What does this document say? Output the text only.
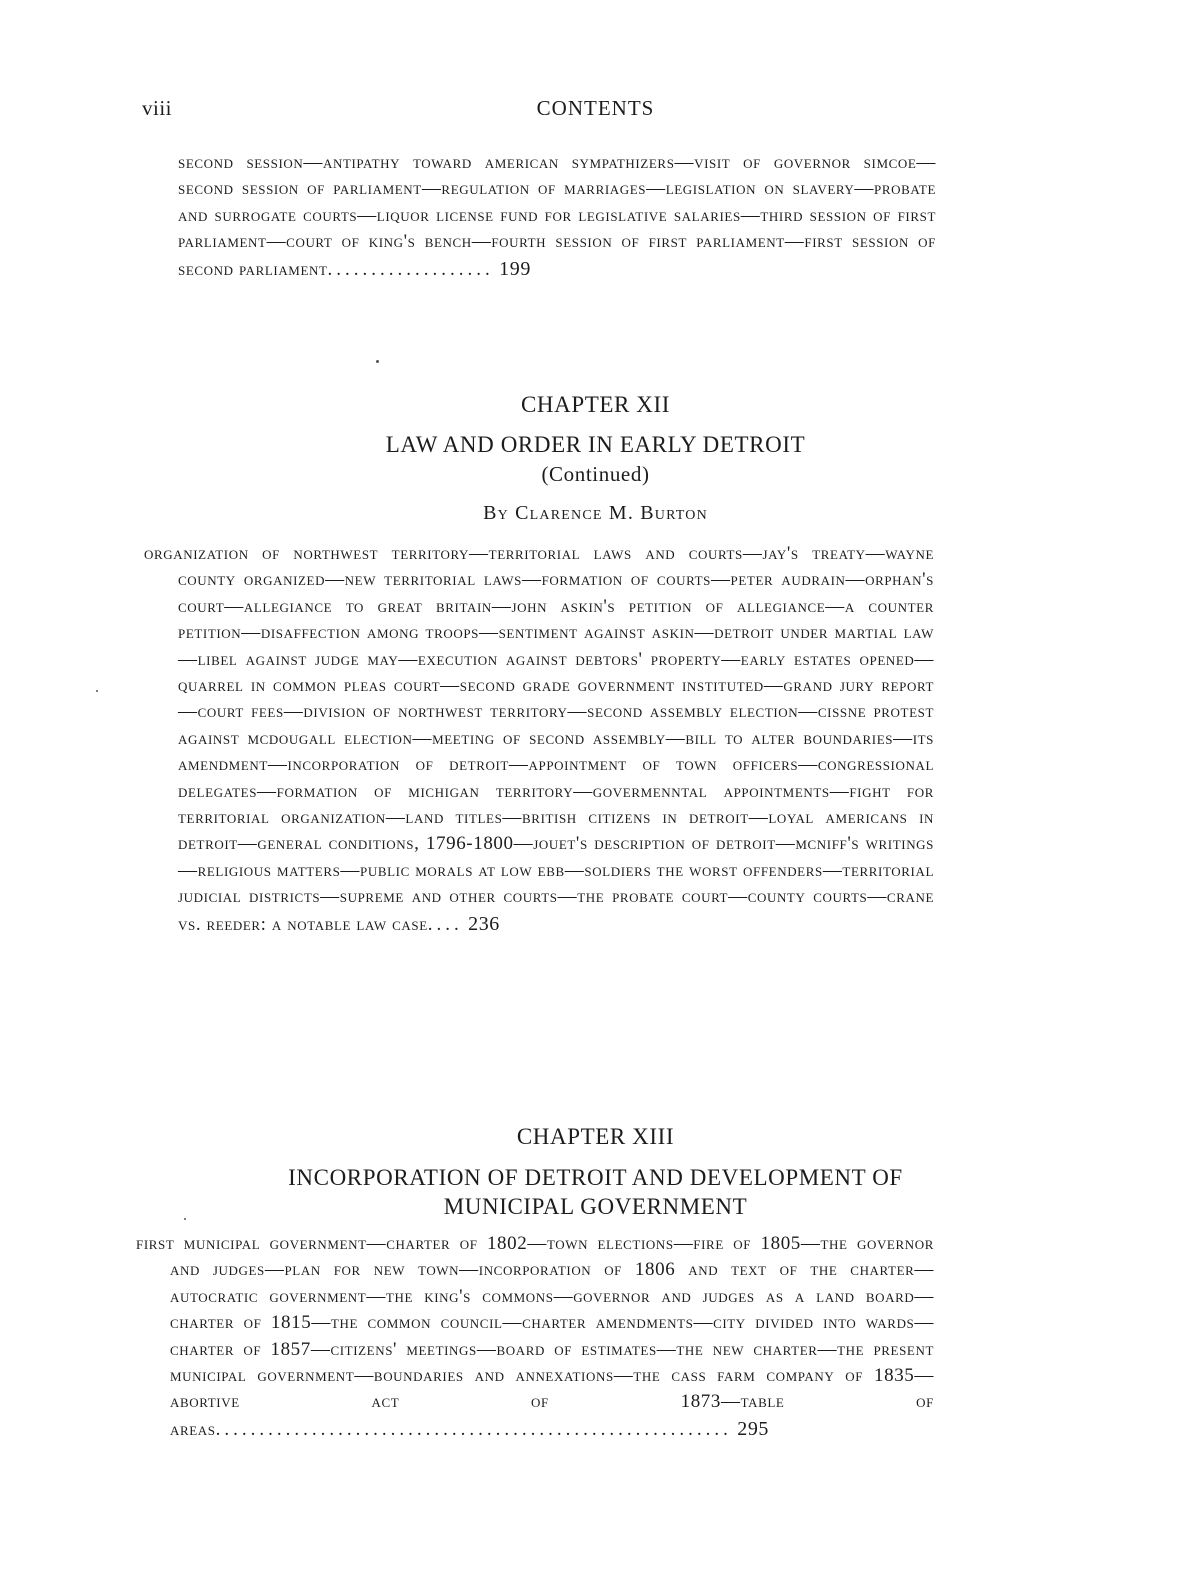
viii	CONTENTS
second session—antipathy toward american sympathizers—visit of governor simcoe—second session of parliament—regulation of marriages—legislation on slavery—probate and surrogate courts—liquor license fund for legislative salaries—third session of first parliament—court of king's bench—fourth session of first parliament—first session of second parliament................... 199
CHAPTER XII
LAW AND ORDER IN EARLY DETROIT
(Continued)
By Clarence M. Burton
organization of northwest territory—territorial laws and courts—jay's treaty—wayne county organized—new territorial laws—formation of courts—peter audrain—orphan's court—allegiance to great britain—john askin's petition of allegiance—a counter petition—disaffection among troops—sentiment against askin—detroit under martial law—libel against judge may—execution against debtors' property—early estates opened—quarrel in common pleas court—second grade government instituted—grand jury report—court fees—division of northwest territory—second assembly election—cissne protest against mcdougall election—meeting of second assembly—bill to alter boundaries—its amendment—incorporation of detroit—appointment of town officers—congressional delegates—formation of michigan territory—govermenntal appointments—fight for territorial organization—land titles—british citizens in detroit—loyal americans in detroit—general conditions, 1796-1800—jouet's description of detroit—mcniff's writings—religious matters—public morals at low ebb—soldiers the worst offenders—territorial judicial districts—supreme and other courts—the probate court—county courts—crane vs. reeder: a notable law case.... 236
CHAPTER XIII
INCORPORATION OF DETROIT AND DEVELOPMENT OF
MUNICIPAL GOVERNMENT
first municipal government—charter of 1802—town elections—fire of 1805—the governor and judges—plan for new town—incorporation of 1806 and text of the charter—autocratic government—the king's commons—governor and judges as a land board—charter of 1815—the common council—charter amendments—city divided into wards—charter of 1857—citizens' meetings—board of estimates—the new charter—the present municipal government—boundaries and annexations—the cass farm company of 1835—abortive act of 1873—table of areas........................................................... 295
